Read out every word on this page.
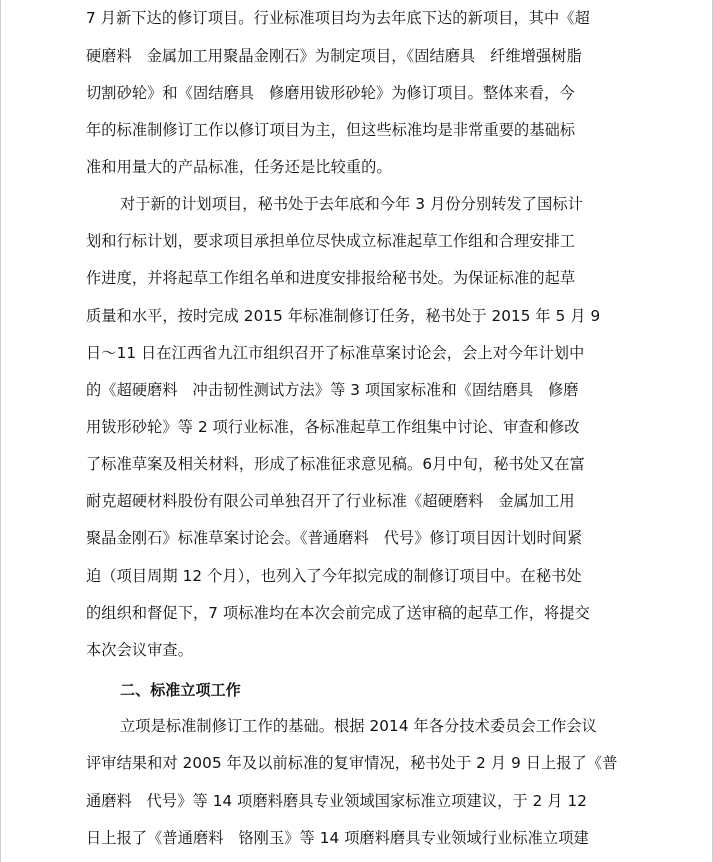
7 月新下达的修订项目。行业标准项目均为去年底下达的新项目，其中《超
硬磨料   金属加工用聚晶金刚石》为制定项目，《固结磨具   纤维增强树脂
切割砂轮》和《固结磨具   修磨用钹形砂轮》为修订项目。整体来看，今
年的标准制修订工作以修订项目为主，但这些标准均是非常重要的基础标
准和用量大的产品标准，任务还是比较重的。
对于新的计划项目，秘书处于去年底和今年 3 月份分别转发了国标计
划和行标计划，要求项目承担单位尽快成立标准起草工作组和合理安排工
作进度，并将起草工作组名单和进度安排报给秘书处。为保证标准的起草
质量和水平，按时完成 2015 年标准制修订任务，秘书处于 2015 年 5 月 9
日～11 日在江西省九江市组织召开了标准草案讨论会，会上对今年计划中
的《超硬磨料   冲击韧性测试方法》等 3 项国家标准和《固结磨具   修磨
用钹形砂轮》等 2 项行业标准，各标准起草工作组集中讨论、审查和修改
了标准草案及相关材料，形成了标准征求意见稿。6月中旬，秘书处又在富
耐克超硬材料股份有限公司单独召开了行业标准《超硬磨料   金属加工用
聚晶金刚石》标准草案讨论会。《普通磨料   代号》修订项目因计划时间紧
迫（项目周期 12 个月），也列入了今年拟完成的制修订项目中。在秘书处
的组织和督促下，7 项标准均在本次会前完成了送审稿的起草工作，将提交
本次会议审查。
二、标准立项工作
立项是标准制修订工作的基础。根据 2014 年各分技术委员会工作会议
评审结果和对 2005 年及以前标准的复审情况，秘书处于 2 月 9 日上报了《普
通磨料   代号》等 14 项磨料磨具专业领域国家标准立项建议，于 2 月 12
日上报了《普通磨料   铬刚玉》等 14 项磨料磨具专业领域行业标准立项建
